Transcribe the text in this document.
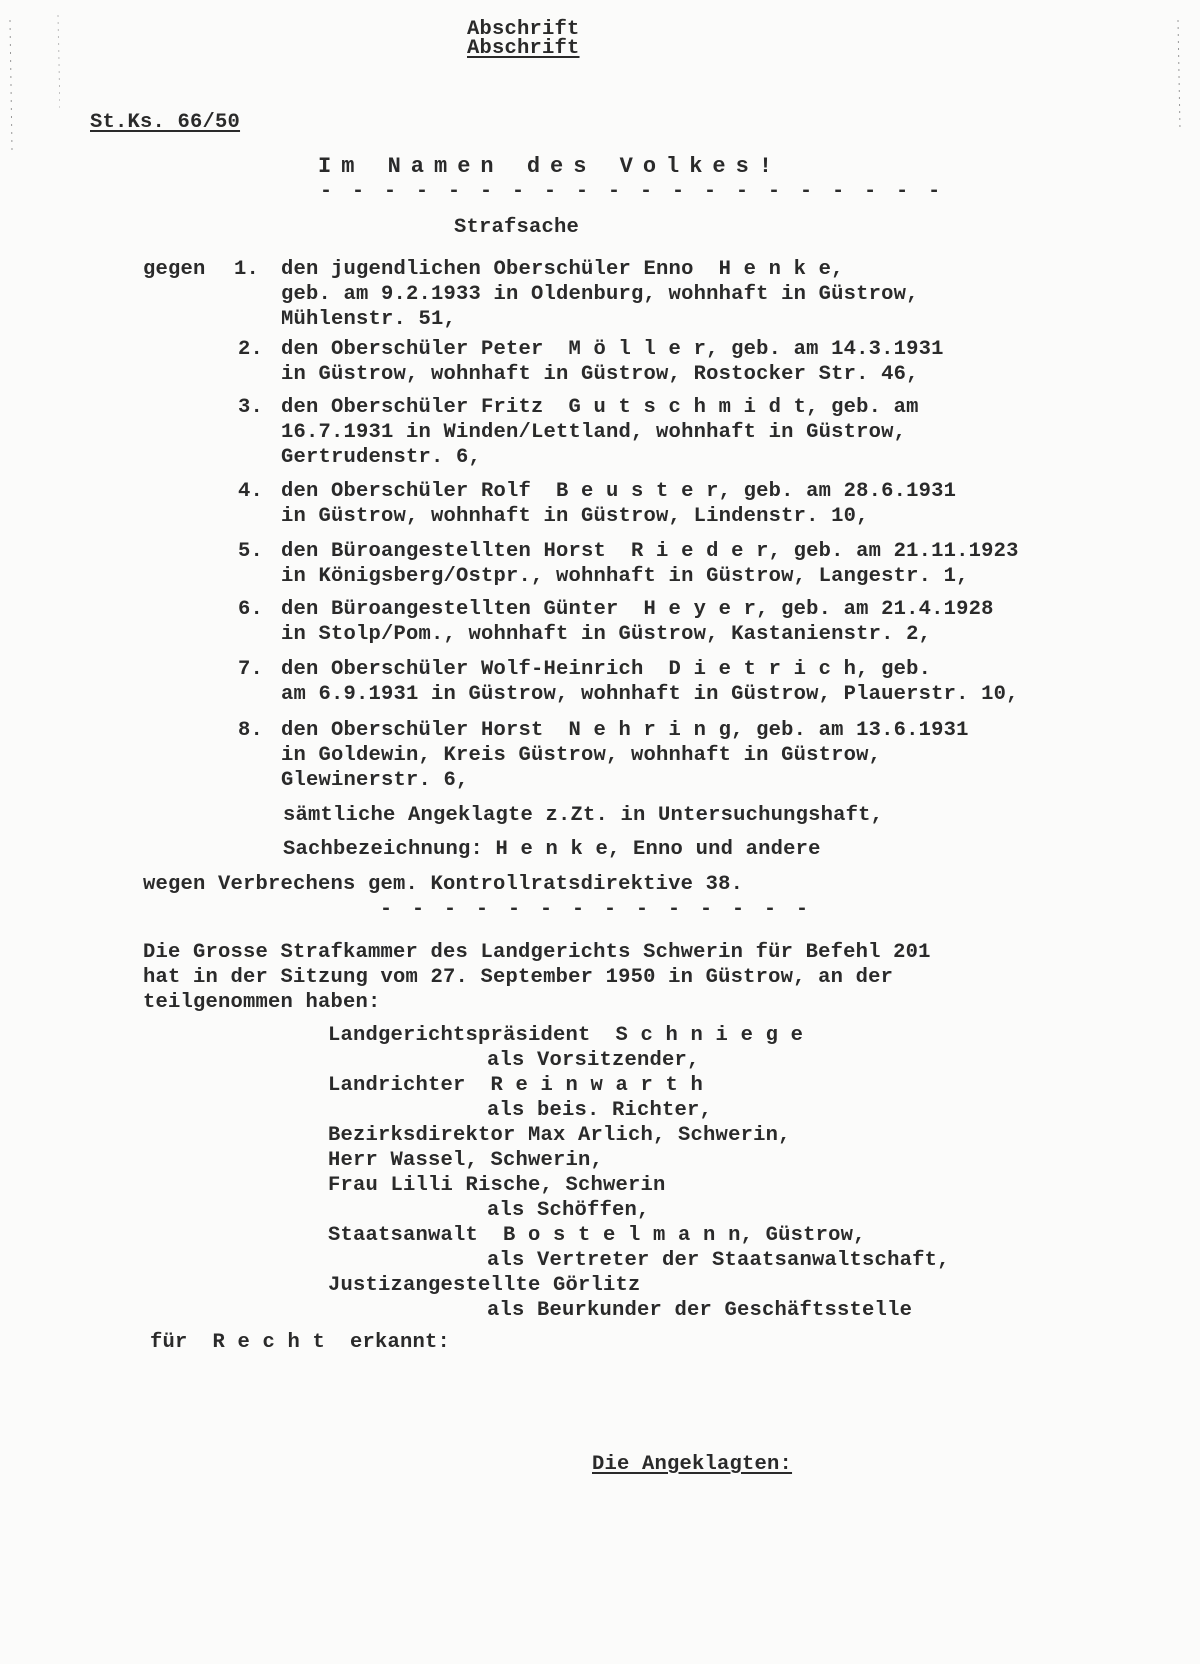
Abschrift
Abschrift
St.Ks. 66/50
Im Namen des Volkes!
- - - - - - - - - - - - - - - - - - - -
Strafsache
gegen 1. den jugendlichen Oberschüler Enno  H e n k e,
geb. am 9.2.1933 in Oldenburg, wohnhaft in Güstrow,
Mühlenstr. 51,
2. den Oberschüler Peter  M ö l l e r, geb. am 14.3.1931
in Güstrow, wohnhaft in Güstrow, Rostocker Str. 46,
3. den Oberschüler Fritz  G u t s c h m i d t, geb. am
16.7.1931 in Winden/Lettland, wohnhaft in Güstrow,
Gertrudenstr. 6,
4. den Oberschüler Rolf  B e u s t e r, geb. am 28.6.1931
in Güstrow, wohnhaft in Güstrow, Lindenstr. 10,
5. den Büroangestellten Horst  R i e d e r, geb. am 21.11.1923
in Königsberg/Ostpr., wohnhaft in Güstrow, Langestr. 1,
6. den Büroangestellten Günter  H e y e r, geb. am 21.4.1928
in Stolp/Pom., wohnhaft in Güstrow, Kastanienstr. 2,
7. den Oberschüler Wolf-Heinrich  D i e t r i c h, geb.
am 6.9.1931 in Güstrow, wohnhaft in Güstrow, Plauerstr. 10,
8. den Oberschüler Horst  N e h r i n g, geb. am 13.6.1931
in Goldewin, Kreis Güstrow, wohnhaft in Güstrow,
Glewinerstr. 6,
sämtliche Angeklagte z.Zt. in Untersuchungshaft,
Sachbezeichnung: H e n k e, Enno und andere
wegen Verbrechens gem. Kontrollratsdirektive 38.
- - - - - - - - - - - - - -
Die Grosse Strafkammer des Landgerichts Schwerin für Befehl 201
hat in der Sitzung vom 27. September 1950 in Güstrow, an der
teilgenommen haben:
Landgerichtspräsident  S c h n i e g e
als Vorsitzender,
Landrichter  R e i n w a r t h
als beis. Richter,
Bezirksdirektor Max Arlich, Schwerin,
Herr Wassel, Schwerin,
Frau Lilli Rische, Schwerin
als Schöffen,
Staatsanwalt  B o s t e l m a n n, Güstrow,
als Vertreter der Staatsanwaltschaft,
Justizangestellte Görlitz
als Beurkunder der Geschäftsstelle
für  R e c h t  erkannt:
Die Angeklagten:
